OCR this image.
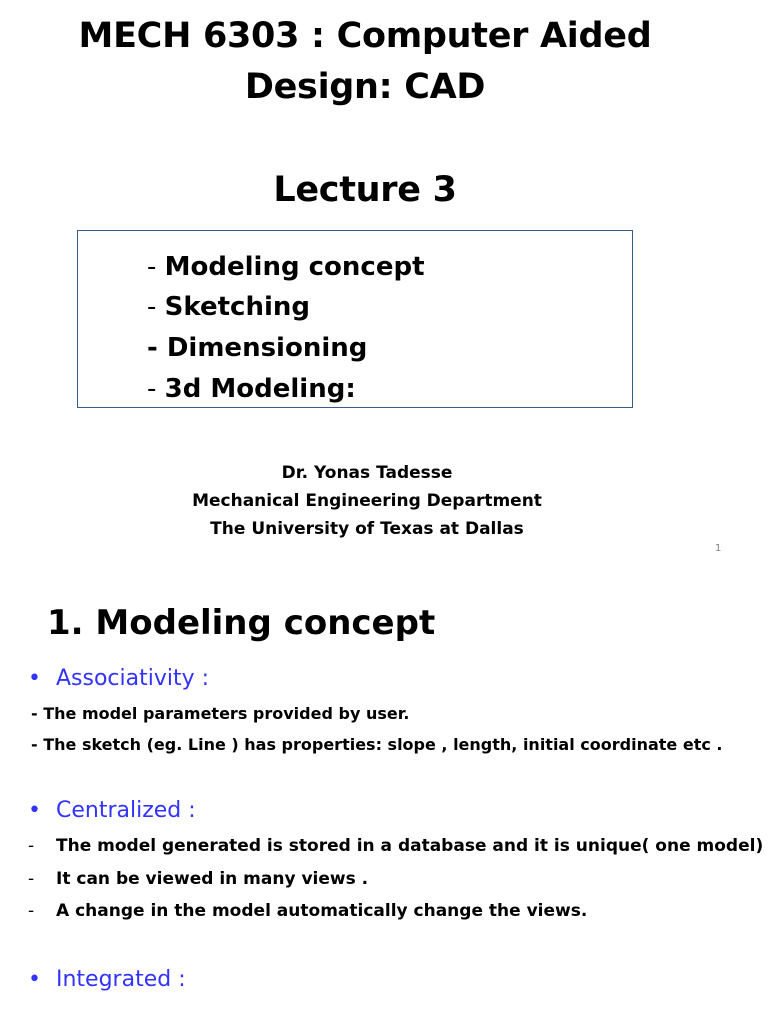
MECH 6303 : Computer Aided
Design: CAD
Lecture 3
- Modeling concept
- Sketching
- Dimensioning
- 3d Modeling:
Dr. Yonas Tadesse
Mechanical Engineering Department
The University of Texas at Dallas
1
1. Modeling concept
• Associativity :
- The model parameters provided by user.
- The sketch (eg. Line ) has properties: slope , length, initial coordinate etc .
• Centralized :
- The model generated is stored in a database and it is unique( one model)
- It can be viewed in many views .
- A change in the model automatically change the views.
• Integrated :
